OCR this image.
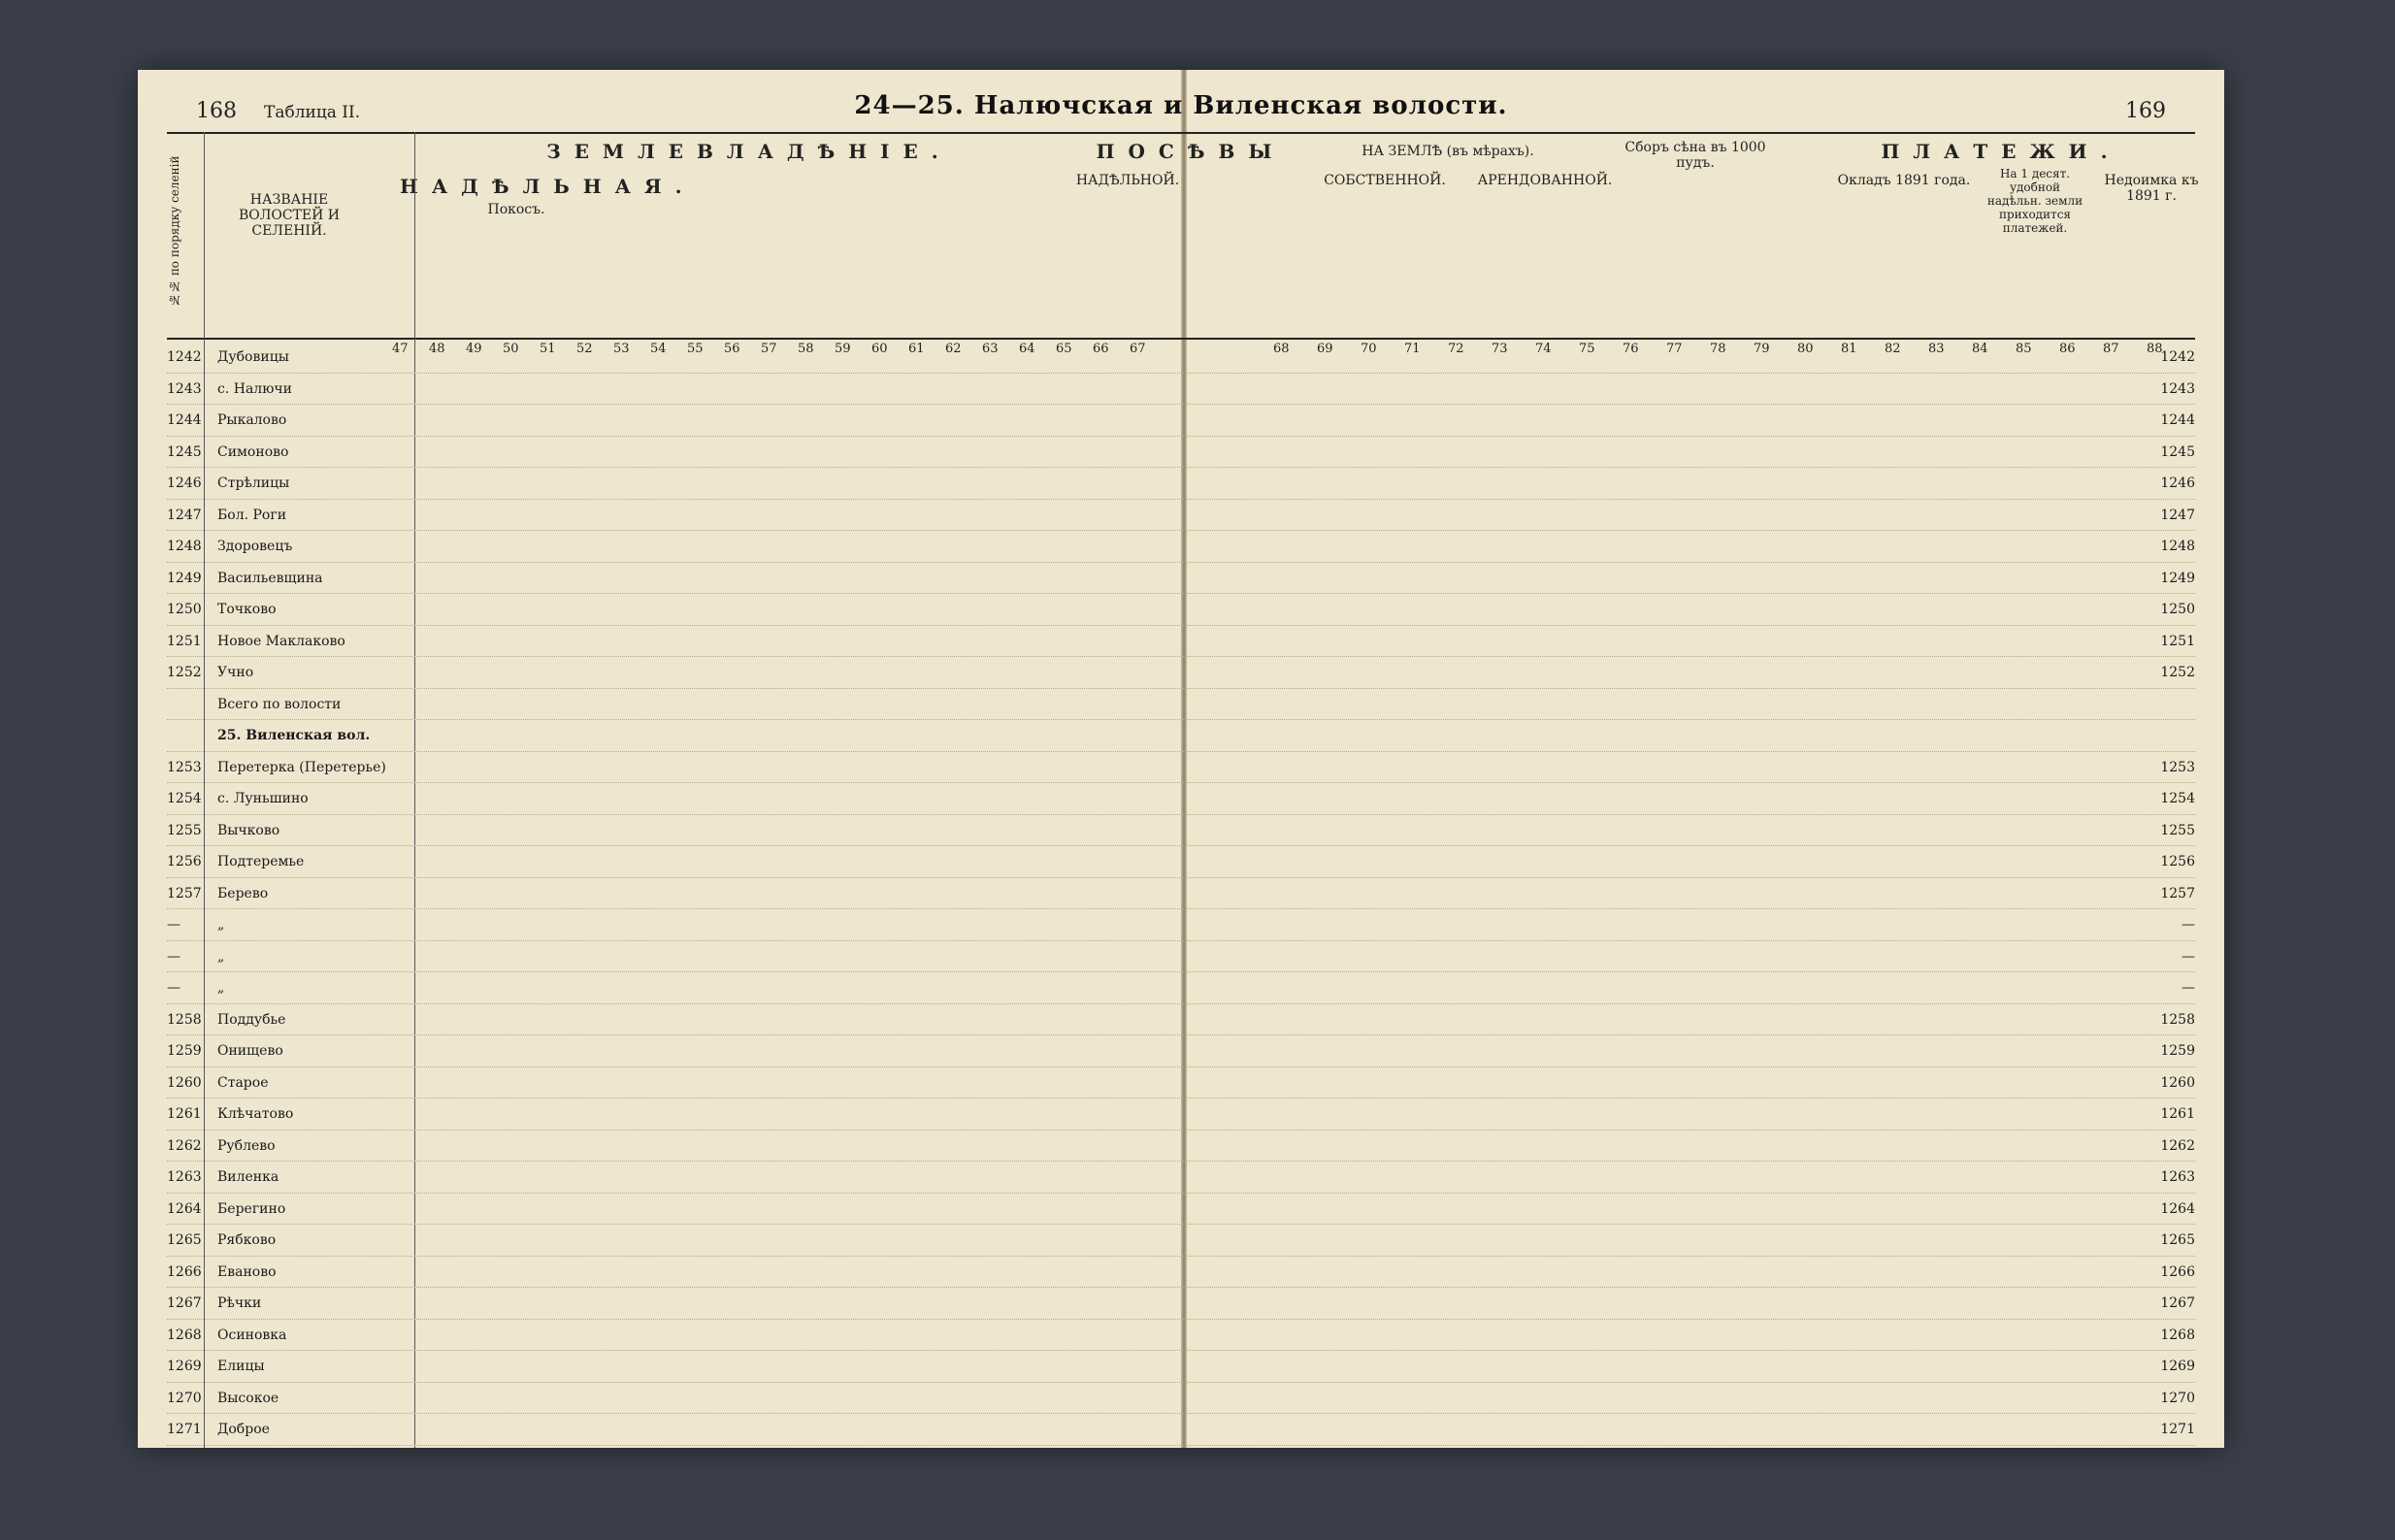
168 Таблица II.	169
24—25. Налючская и Виленская волости.
№№ по порядку селеній	НАЗВАНІЕ ВОЛОСТЕЙ И СЕЛЕНІЙ.
ЗЕМЛЕВЛАДѢНІЕ.
НАДѢЛЬНАЯ.
Покосъ.
ПОСѢВЫ
НАДѢЛЬНОЙ.
НА ЗЕМЛѢ (въ мѣрахъ).
СОБСТВЕННОЙ.	АРЕНДОВАННОЙ.
Сборъ сѣна въ 1000 пудъ.	ПЛАТЕЖИ.
Окладъ 1891 года.	На 1 десят. удобной надѣльн. земли приходится платежей.
Недоимка къ 1891 г.
47 48 49 50 51 52 53 54 55 56 57 58 59 60 61 62 63 64 65 66 67	68 69 70 71 72 73 74 75 76 77 78 79 80 81 82 83 84 85 86 87 88
1242 Дубовицы	1242
1243 с. Налючи	1243
1244 Рыкалово	1244
1245 Симоново	1245
1246 Стрѣлицы	1246
1247 Бол. Роги	1247
1248 Здоровецъ	1248
1249 Васильевщина	1249
1250 Точково	1250
1251 Новое Маклаково	1251
1252 Учно	1252
Всего по волости
25. Виленская вол.
1253 Перетерка (Перетерье)	1253
1254 с. Луньшино	1254
1255 Вычково	1255
1256 Подтеремье	1256
1257 Берево	1257
—	„	—
—	„	—
—	„	—
1258 Поддубье	1258
1259 Онищево	1259
1260 Старое	1260
1261 Клѣчатово	1261
1262 Рублево	1262
1263 Виленка	1263
1264 Берегино	1264
1265 Рябково	1265
1266 Еваново	1266
1267 Рѣчки	1267
1268 Осиновка	1268
1269 Елицы	1269
1270 Высокое	1270
1271 Доброе	1271
